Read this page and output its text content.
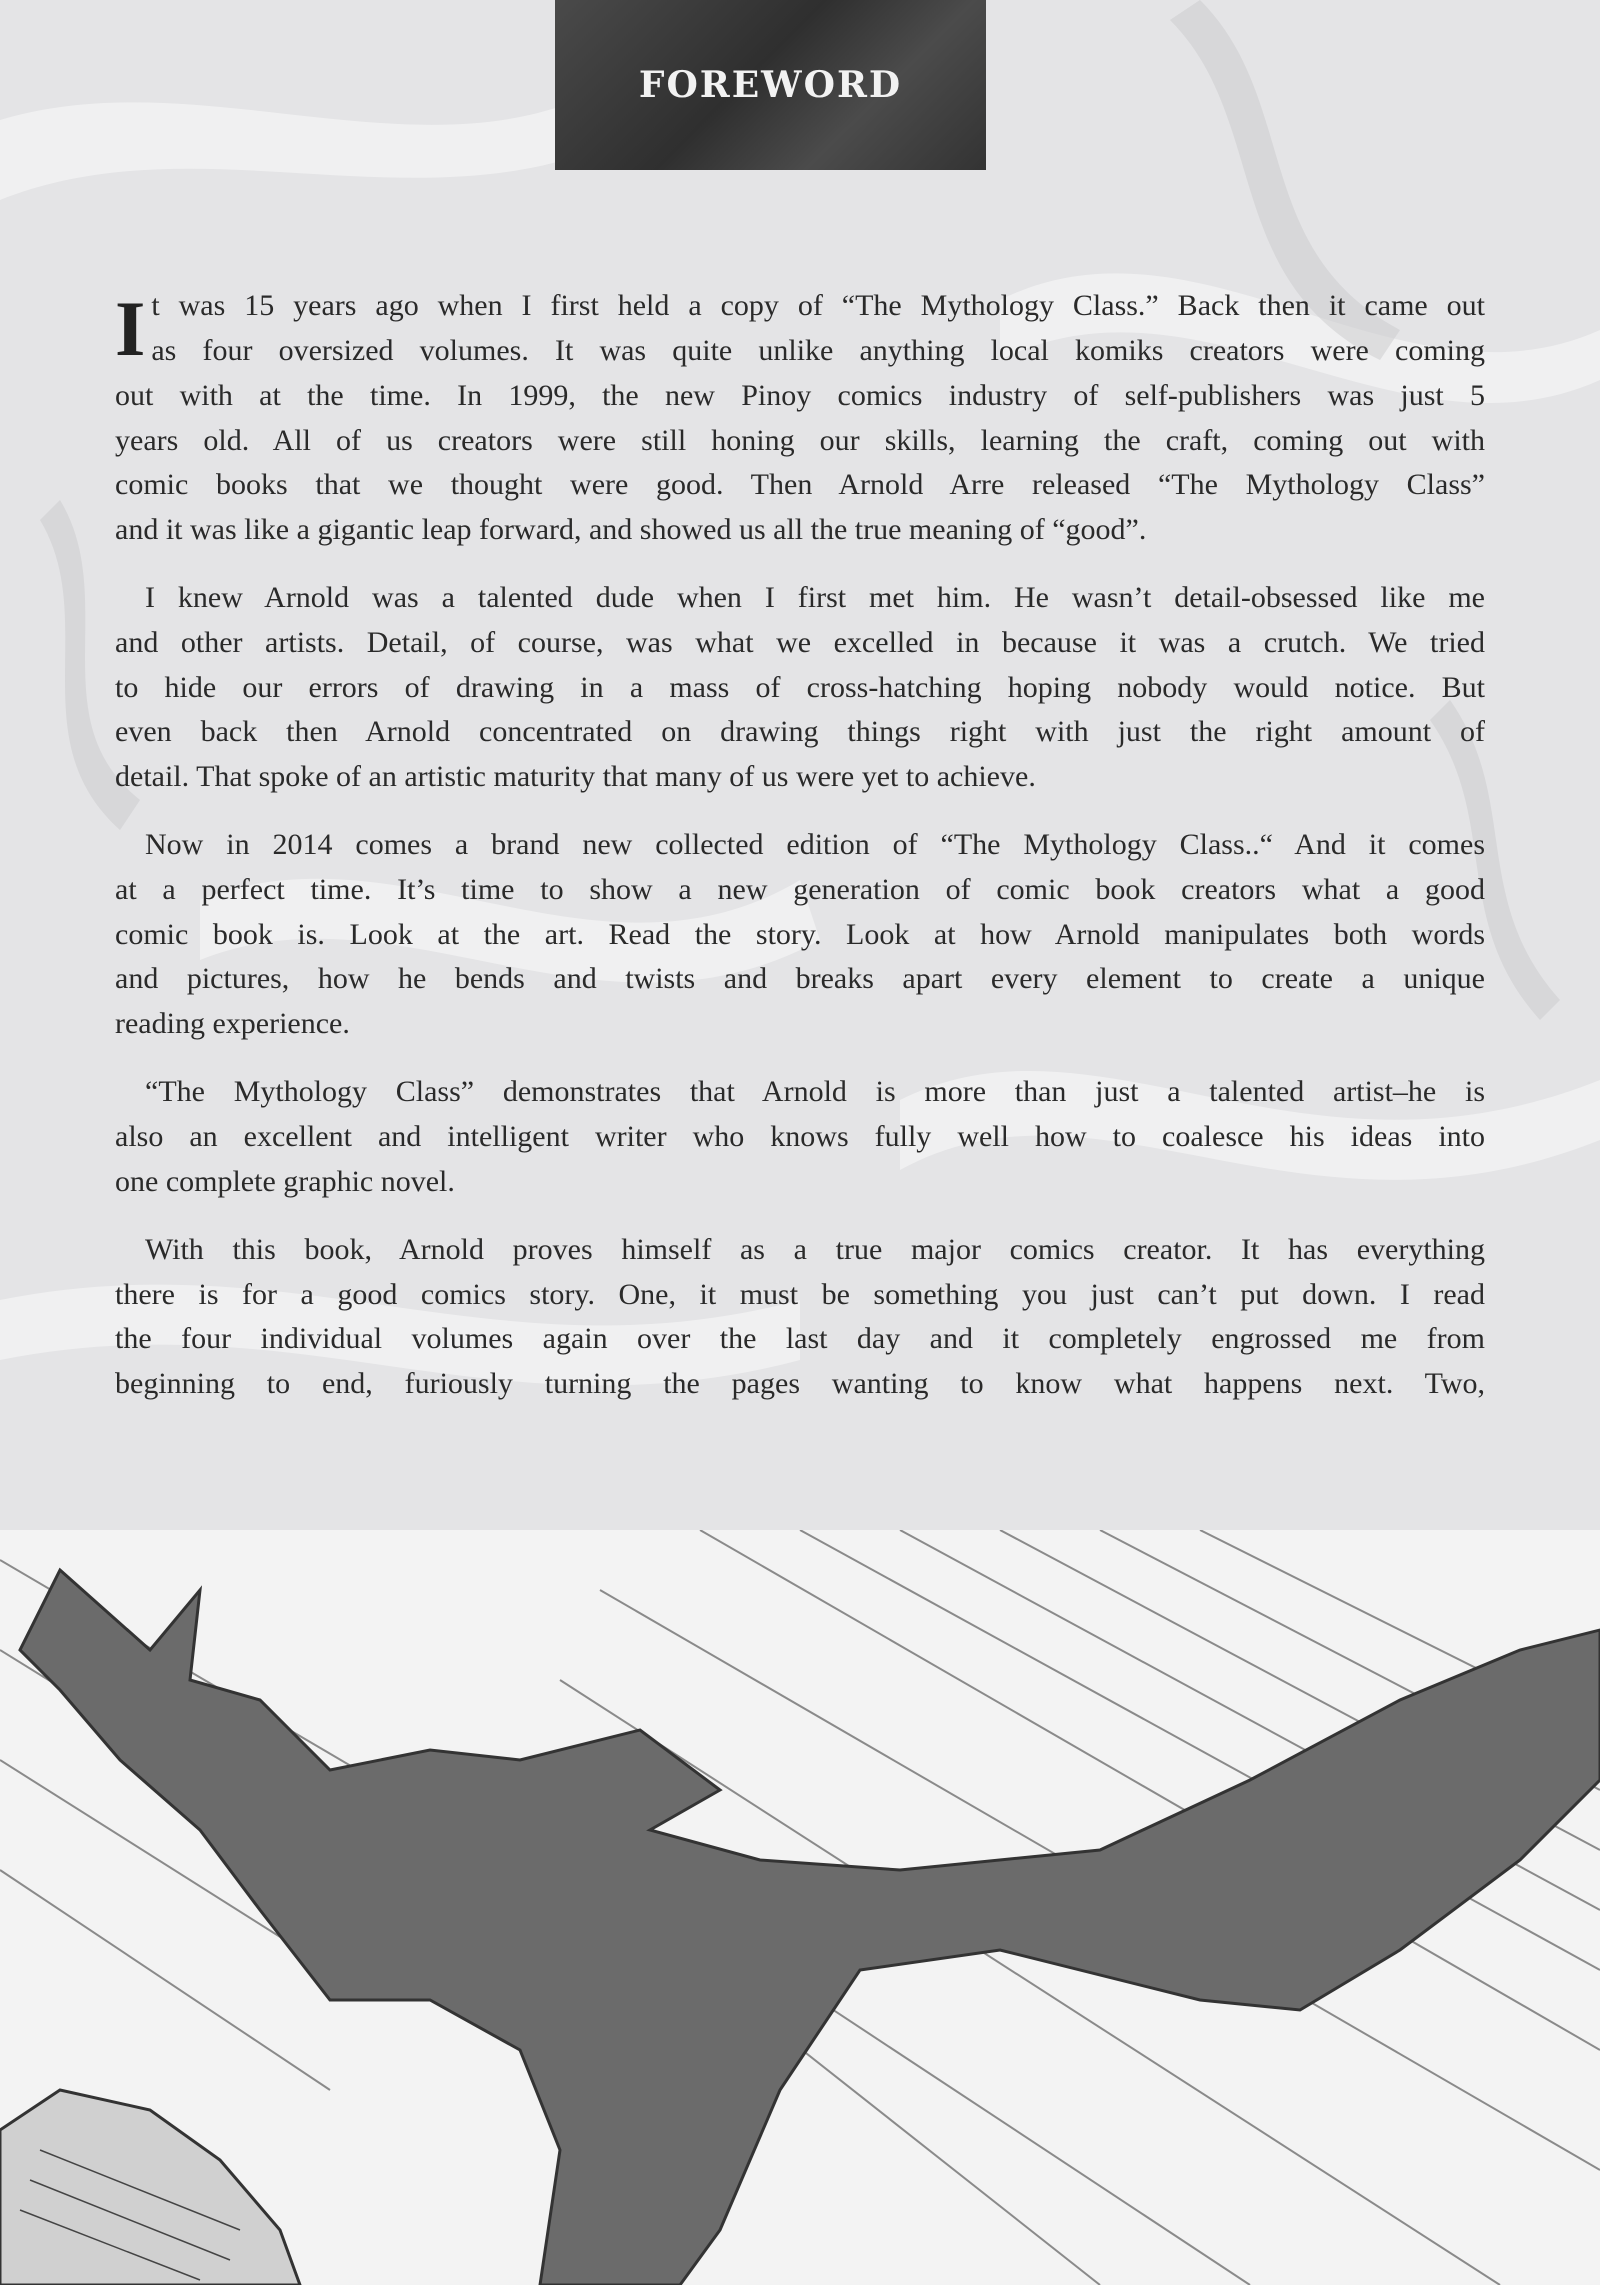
FOREWORD
I t was 15 years ago when I first held a copy of “The Mythology Class.” Back then it came out
as four oversized volumes. It was quite unlike anything local komiks creators were coming
out with at the time. In 1999, the new Pinoy comics industry of self-publishers was just 5
years old. All of us creators were still honing our skills, learning the craft, coming out with
comic books that we thought were good. Then Arnold Arre released “The Mythology Class”
and it was like a gigantic leap forward, and showed us all the true meaning of “good”.
I knew Arnold was a talented dude when I first met him. He wasn’t detail-obsessed like me
and other artists. Detail, of course, was what we excelled in because it was a crutch. We tried
to hide our errors of drawing in a mass of cross-hatching hoping nobody would notice. But
even back then Arnold concentrated on drawing things right with just the right amount of
detail. That spoke of an artistic maturity that many of us were yet to achieve.
Now in 2014 comes a brand new collected edition of “The Mythology Class..“ And it comes
at a perfect time. It’s time to show a new generation of comic book creators what a good
comic book is. Look at the art. Read the story. Look at how Arnold manipulates both words
and pictures, how he bends and twists and breaks apart every element to create a unique
reading experience.
“The Mythology Class” demonstrates that Arnold is more than just a talented artist–he is
also an excellent and intelligent writer who knows fully well how to coalesce his ideas into
one complete graphic novel.
With this book, Arnold proves himself as a true major comics creator. It has everything
there is for a good comics story. One, it must be something you just can’t put down. I read
the four individual volumes again over the last day and it completely engrossed me from
beginning to end, furiously turning the pages wanting to know what happens next. Two,
